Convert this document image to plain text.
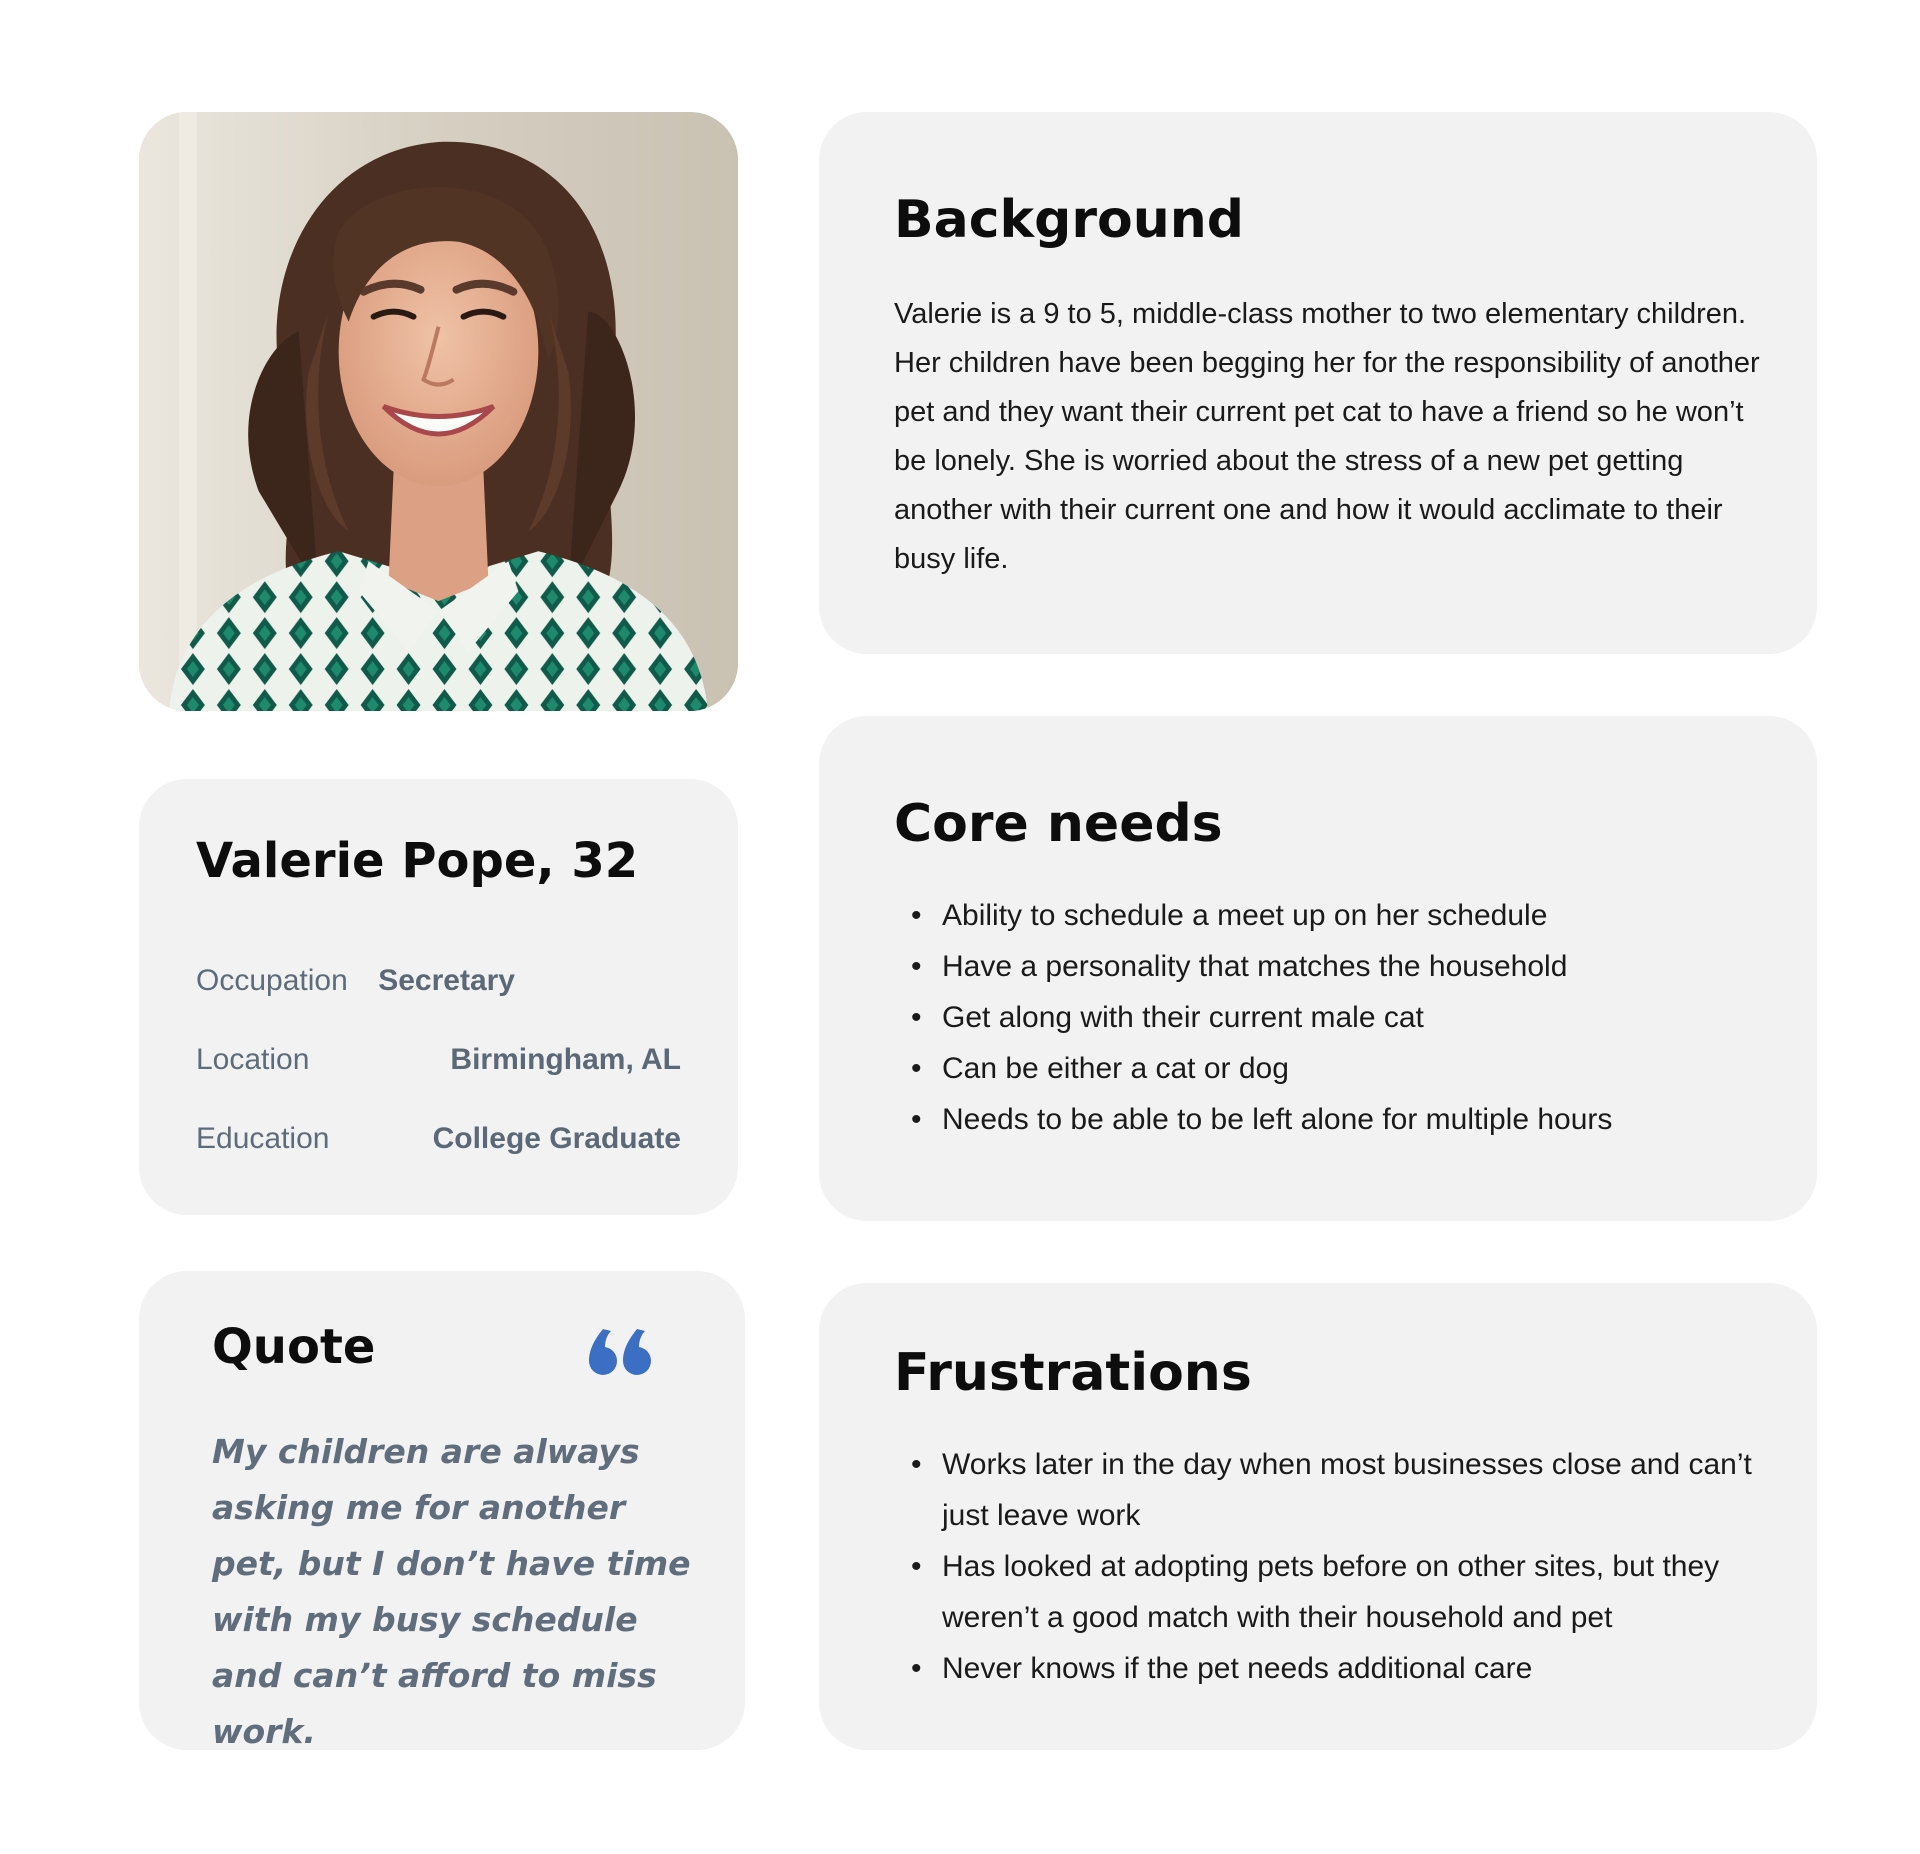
Valerie Pope, 32
Occupation Secretary
Location	Birmingham, AL
Education	College Graduate
Quote

My children are always asking me for another pet, but I don’t have time with my busy schedule and can’t afford to miss work.

Background

Valerie is a 9 to 5, middle-class mother to two elementary children. Her children have been begging her for the responsibility of another pet and they want their current pet cat to have a friend so he won’t be lonely. She is worried about the stress of a new pet getting another with their current one and how it would acclimate to their busy life.

Core needs
• Ability to schedule a meet up on her schedule
• Have a personality that matches the household
• Get along with their current male cat
• Can be either a cat or dog
• Needs to be able to be left alone for multiple hours
Frustrations
• Works later in the day when most businesses close and can’t just leave work
• Has looked at adopting pets before on other sites, but they weren’t a good match with their household and pet
• Never knows if the pet needs additional care
